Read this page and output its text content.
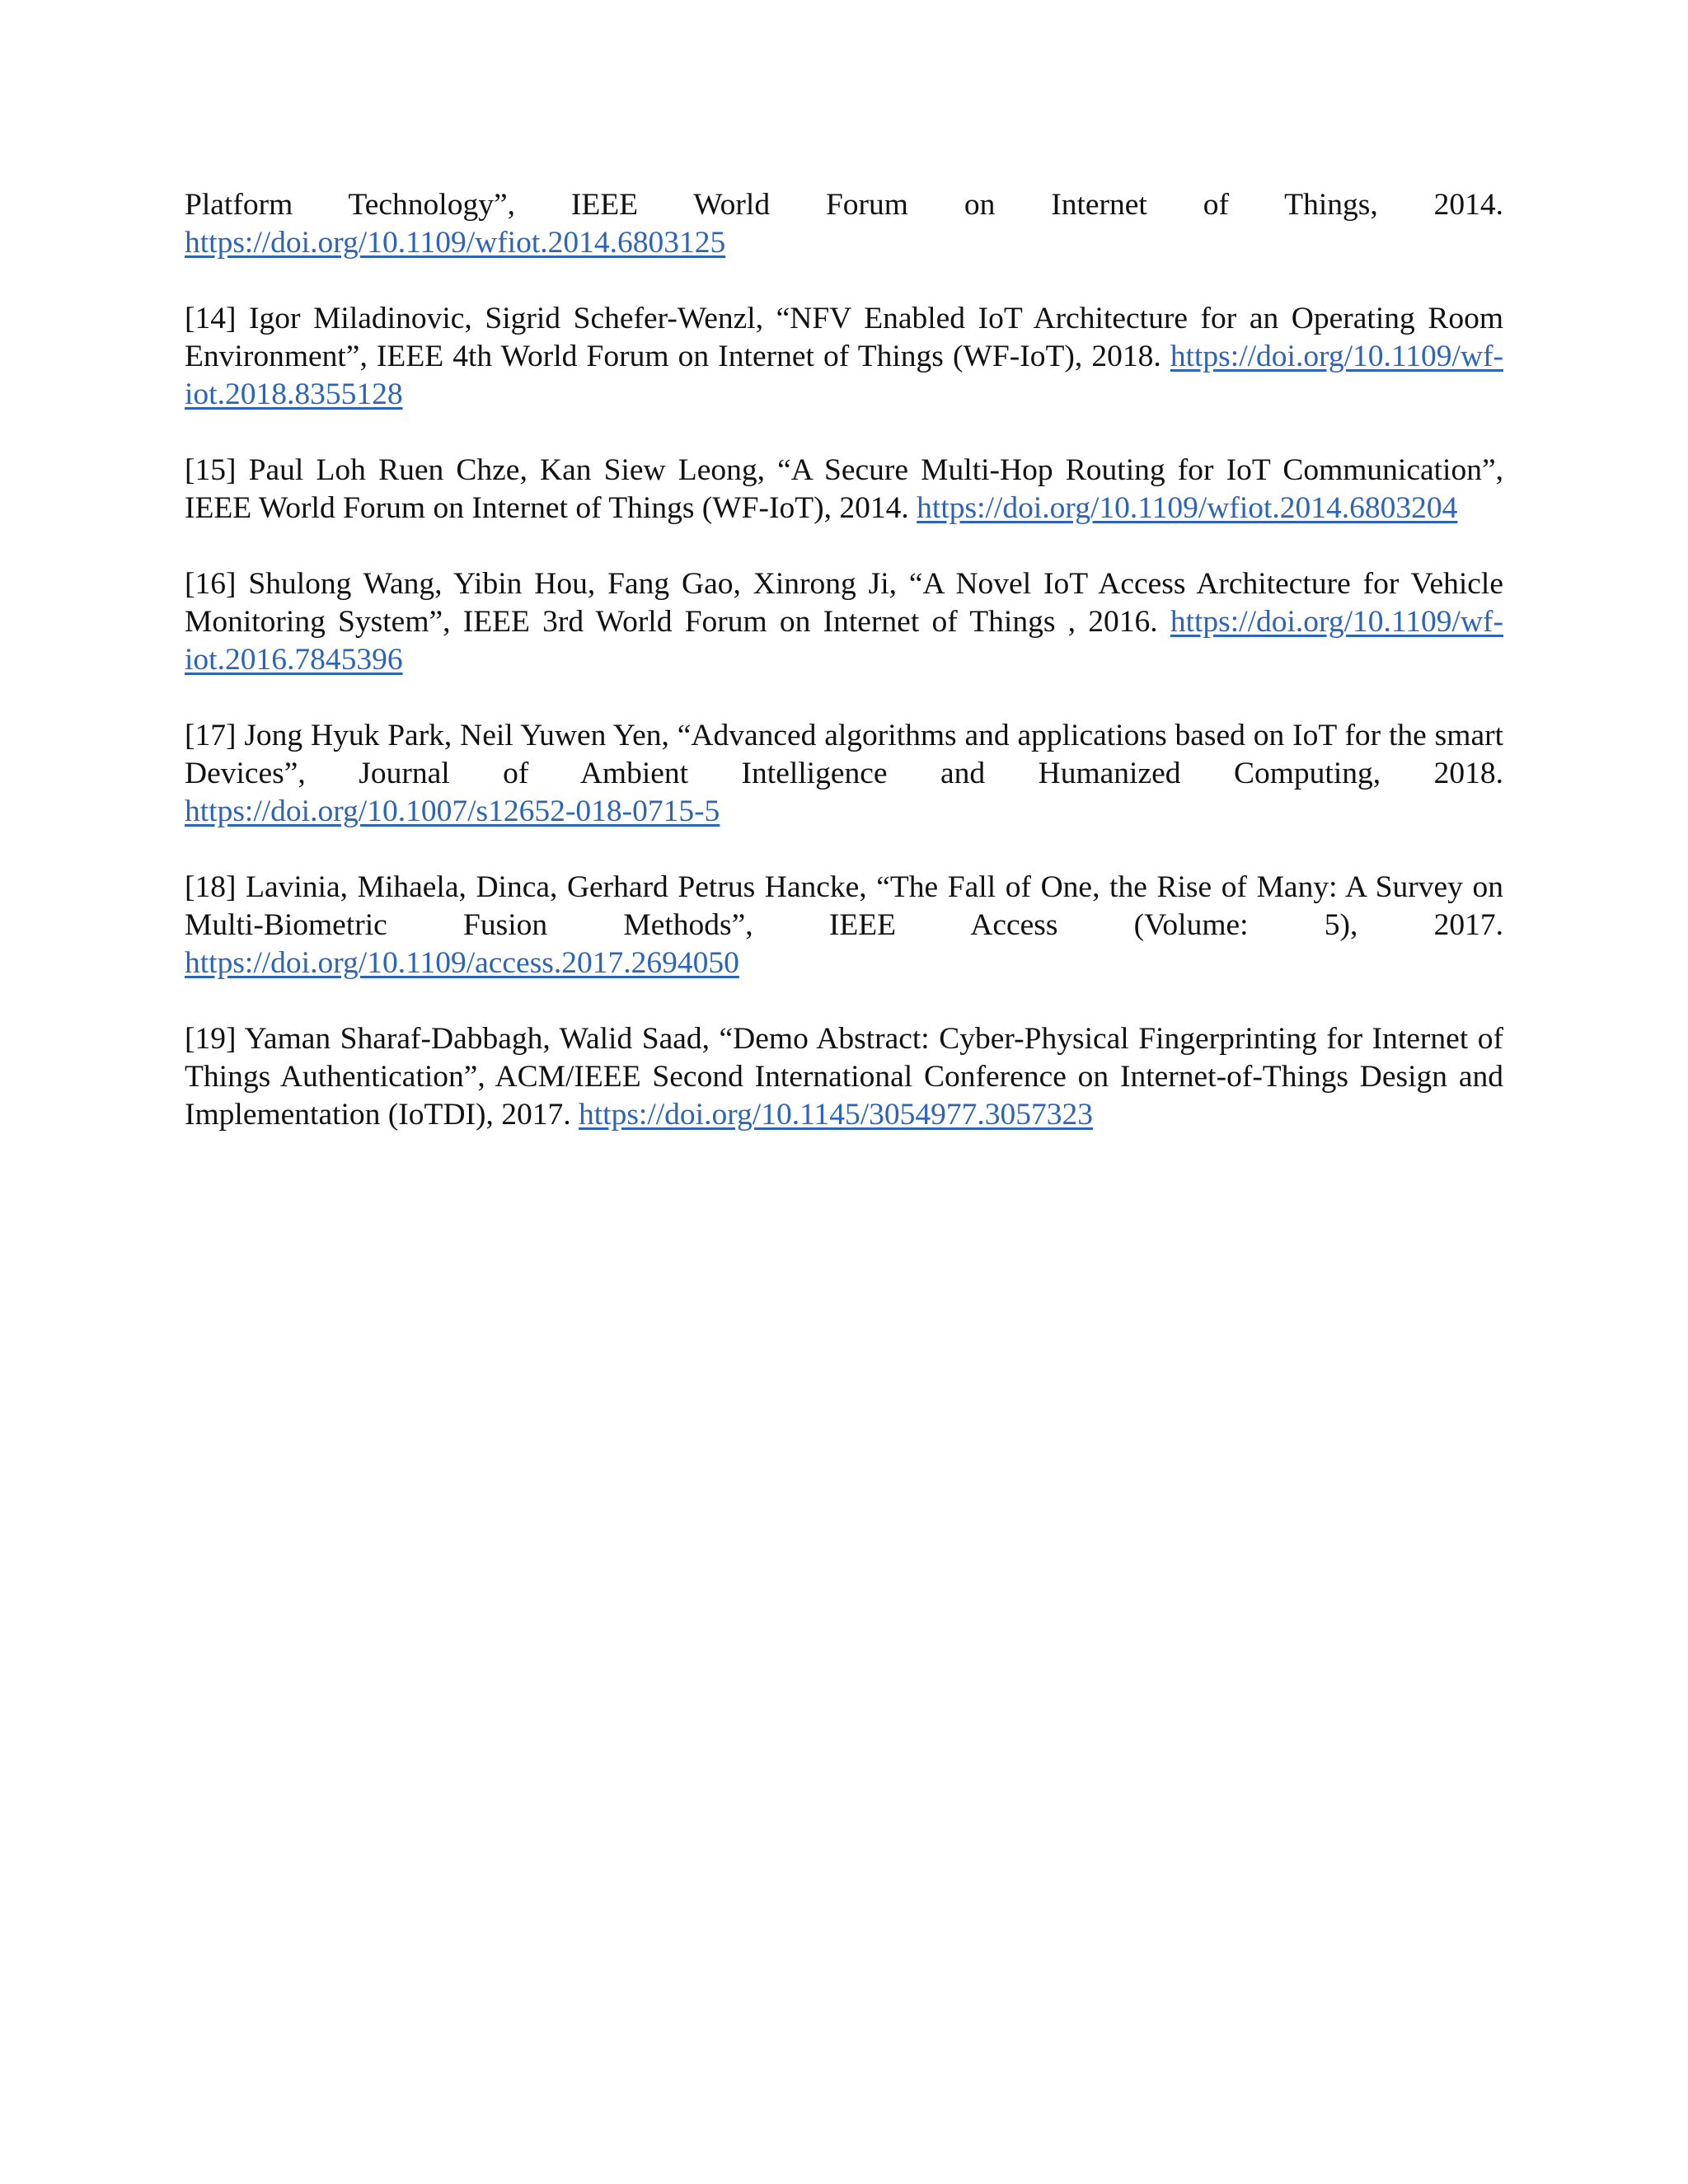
Platform Technology”, IEEE World Forum on Internet of Things, 2014. https://doi.org/10.1109/wfiot.2014.6803125

[14] Igor Miladinovic, Sigrid Schefer-Wenzl, “NFV Enabled IoT Architecture for an Operating Room Environment”, IEEE 4th World Forum on Internet of Things (WF-IoT), 2018. https://doi.org/10.1109/wf-iot.2018.8355128

[15] Paul Loh Ruen Chze, Kan Siew Leong, “A Secure Multi-Hop Routing for IoT Communication”, IEEE World Forum on Internet of Things (WF-IoT), 2014. https://doi.org/10.1109/wfiot.2014.6803204

[16] Shulong Wang, Yibin Hou, Fang Gao, Xinrong Ji, “A Novel IoT Access Architecture for Vehicle Monitoring System”, IEEE 3rd World Forum on Internet of Things , 2016. https://doi.org/10.1109/wf-iot.2016.7845396

[17] Jong Hyuk Park, Neil Yuwen Yen, “Advanced algorithms and applications based on IoT for the smart Devices”, Journal of Ambient Intelligence and Humanized Computing, 2018. https://doi.org/10.1007/s12652-018-0715-5

[18] Lavinia, Mihaela, Dinca, Gerhard Petrus Hancke, “The Fall of One, the Rise of Many: A Survey on Multi-Biometric Fusion Methods”, IEEE Access (Volume: 5), 2017. https://doi.org/10.1109/access.2017.2694050

[19] Yaman Sharaf-Dabbagh, Walid Saad, “Demo Abstract: Cyber-Physical Fingerprinting for Internet of Things Authentication”, ACM/IEEE Second International Conference on Internet-of-Things Design and Implementation (IoTDI), 2017. https://doi.org/10.1145/3054977.3057323
